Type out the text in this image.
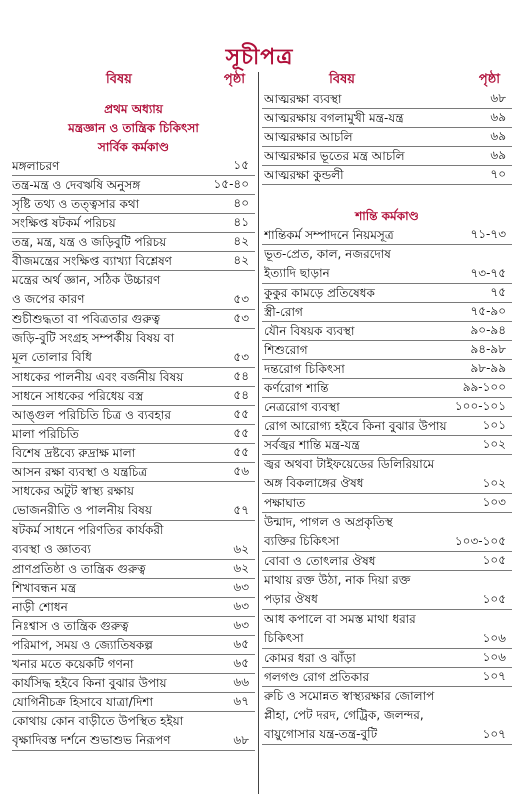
সূচীপত্র
বিষয়	পৃষ্ঠা
প্রথম অধ্যায়
মন্ত্রজ্ঞান ও তান্ত্রিক চিকিৎসা
সার্বিক কর্মকাণ্ড
মঙ্গলাচরণ	১৫
তন্ত্র-মন্ত্র ও দেবঋষি অনুসঙ্গ	১৫-৪০
সৃষ্টি তথ্য ও তত্ত্বসার কথা	৪০
সংক্ষিপ্ত ষটকর্ম পরিচয়	৪১
তন্ত্র, মন্ত্র, যন্ত্র ও জড়িবুটি পরিচয়	৪২
বীজমন্ত্রের সংক্ষিপ্ত ব্যাখ্যা বিশ্লেষণ	৪২
মন্ত্রের অর্থ জ্ঞান, সঠিক উচ্চারণ
ও জপের কারণ	৫৩
শুচীশুদ্ধতা বা পবিত্রতার গুরুত্ব	৫৩
জড়ি-বুটি সংগ্রহ সম্পর্কীয় বিষয় বা
মূল তোলার বিধি	৫৩
সাধকের পালনীয় এবং বর্জনীয় বিষয়	৫৪
সাধনে সাধকের পরিধেয় বস্ত্র	৫৪
আঙ্গুল পরিচিতি চিত্র ও ব্যবহার	৫৫
মালা পরিচিতি	৫৫
বিশেষ দ্রষ্টব্যে রুদ্রাক্ষ মালা	৫৫
আসন রক্ষা ব্যবস্থা ও যন্ত্রচিত্র	৫৬
সাধকের অটুট স্বাস্থ্য রক্ষায়
ভোজনরীতি ও পালনীয় বিষয়	৫৭
ষটকর্ম সাধনে পরিণতির কার্যকরী
ব্যবস্থা ও জ্ঞাতব্য	৬২
প্রাণপ্রতিষ্ঠা ও তান্ত্রিক গুরুত্ব	৬২
শিখাবন্ধন মন্ত্র	৬৩
নাড়ী শোধন	৬৩
নিঃশ্বাস ও তান্ত্রিক গুরুত্ব	৬৩
পরিমাপ, সময় ও জ্যোতিষকল্প	৬৫
খনার মতে কয়েকটি গণনা	৬৫
কার্যসিদ্ধ হইবে কিনা বুঝার উপায়	৬৬
যোগিনীচক্র হিসাবে যাত্রা/দিশা	৬৭
কোথায় কোন বাড়ীতে উপস্থিত হইয়া
বৃক্ষাদিবস্ত দর্শনে শুভাশুভ নিরূপণ	৬৮
বিষয়	পৃষ্ঠা
আত্মরক্ষা ব্যবস্থা	৬৮
আত্মরক্ষায় বগলামুখী মন্ত্র-যন্ত্র	৬৯
আত্মরক্ষার আচলি	৬৯
আত্মরক্ষার ভূতের মন্ত্র আচলি	৬৯
আত্মরক্ষা কুন্ডলী	৭০
শান্তি কর্মকাণ্ড
শান্তিকর্ম সম্পাদনে নিয়মসূত্র	৭১-৭৩
ভূত-প্রেত, কাল, নজরদোষ
ইত্যাদি ছাড়ান	৭৩-৭৫
কুকুর কামড়ে প্রতিষেধক	৭৫
স্ত্রী-রোগ	৭৫-৯০
যৌন বিষয়ক ব্যবস্থা	৯০-৯৪
শিশুরোগ	৯৪-৯৮
দন্তরোগ চিকিৎসা	৯৮-৯৯
কর্ণরোগ শান্তি	৯৯-১০০
নেত্ররোগ ব্যবস্থা	১০০-১০১
রোগ আরোগ্য হইবে কিনা বুঝার উপায়	১০১
সর্বজ্বর শান্তি মন্ত্র-যন্ত্র	১০২
জ্বর অথবা টাইফয়েডের ডিলিরিয়ামে
অঙ্গ বিকলাঙ্গের ঔষধ	১০২
পক্ষাঘাত	১০৩
উন্মাদ, পাগল ও অপ্রকৃতিস্থ
ব্যক্তির চিকিৎসা	১০৩-১০৫
বোবা ও তোৎলার ঔষধ	১০৫
মাথায় রক্ত উঠা, নাক দিয়া রক্ত
পড়ার ঔষধ	১০৫
আধ কপালে বা সমস্ত মাথা ধরার
চিকিৎসা	১০৬
কোমর ধরা ও ঝাঁড়া	১০৬
গলগণ্ড রোগ প্রতিকার	১০৭
রুচি ও সমোন্নত স্বাস্থ্যরক্ষার জোলাপ
প্লীহা, পেট দরদ, গেট্রিক, জলন্দর,
বায়ুগোসার যন্ত্র-তন্ত্র-বুটি	১০৭
